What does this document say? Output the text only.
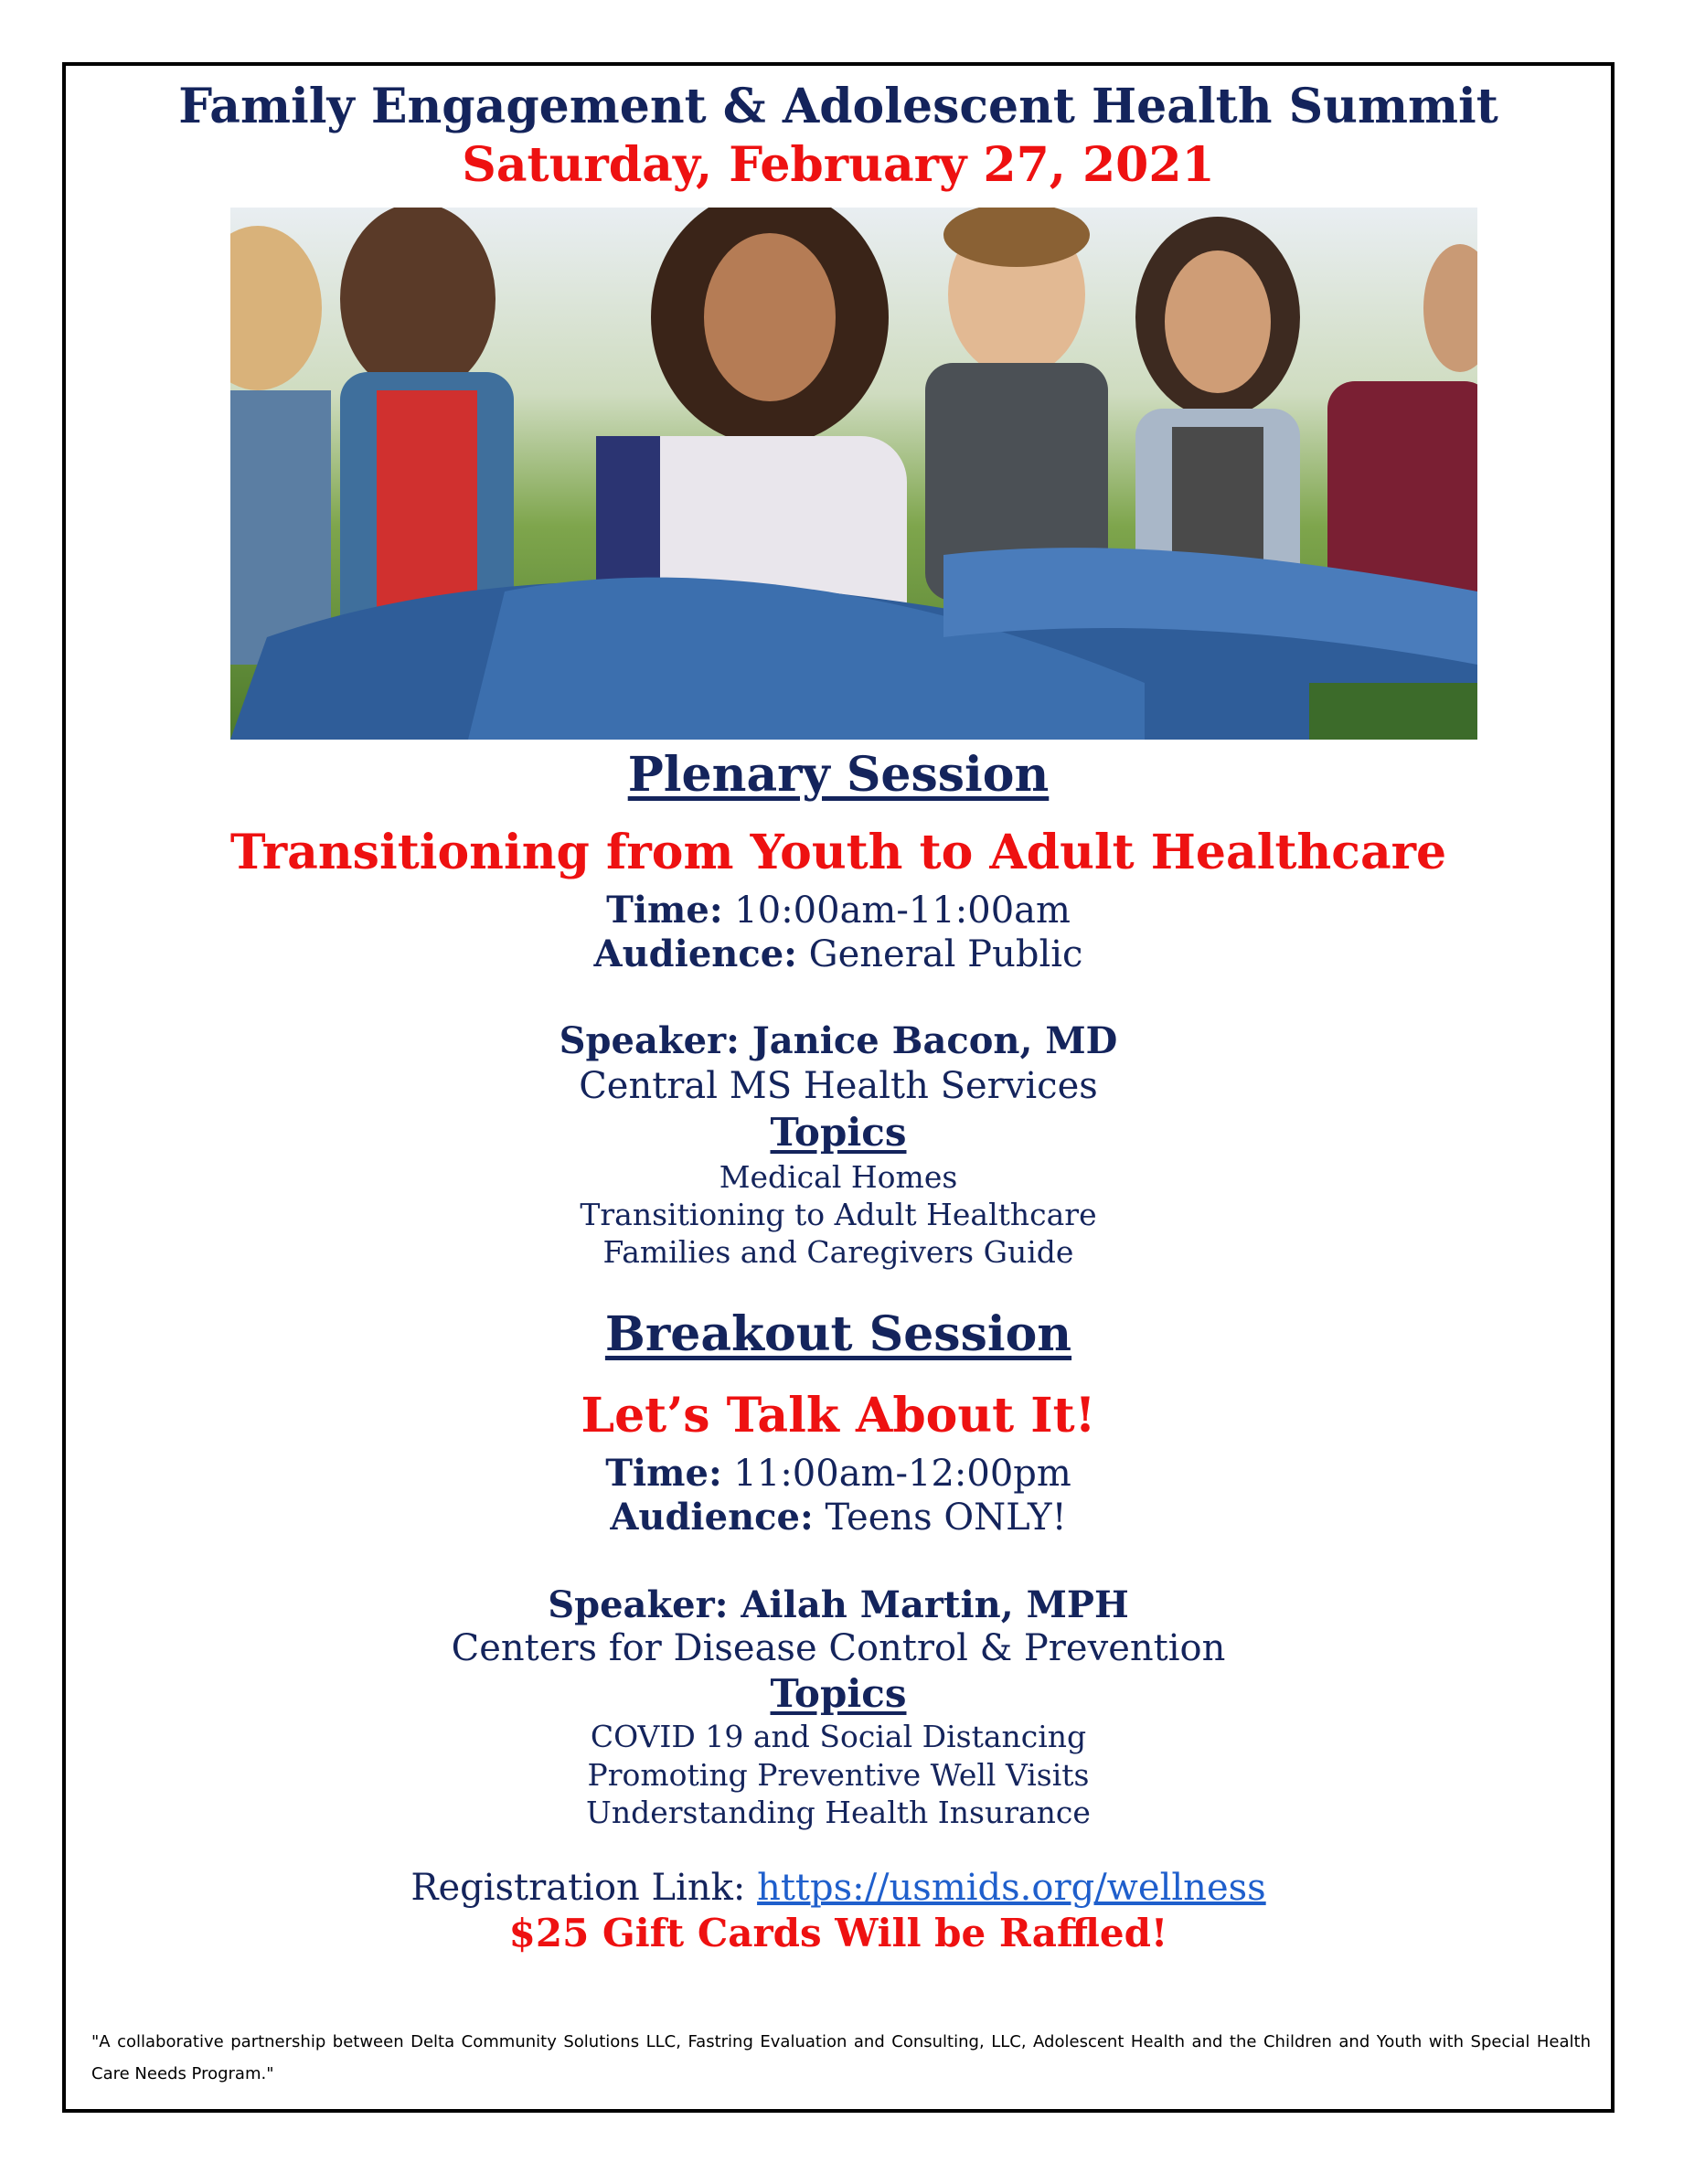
Family Engagement & Adolescent Health Summit
Saturday, February 27, 2021
Plenary Session
Transitioning from Youth to Adult Healthcare
Time: 10:00am-11:00am
Audience: General Public
Speaker: Janice Bacon, MD
Central MS Health Services
Topics
Medical Homes
Transitioning to Adult Healthcare
Families and Caregivers Guide
Breakout Session
Let’s Talk About It!
Time: 11:00am-12:00pm
Audience: Teens ONLY!
Speaker: Ailah Martin, MPH
Centers for Disease Control & Prevention
Topics
COVID 19 and Social Distancing
Promoting Preventive Well Visits
Understanding Health Insurance
Registration Link: https://usmids.org/wellness
$25 Gift Cards Will be Raffled!
"A collaborative partnership between Delta Community Solutions LLC, Fastring Evaluation and Consulting, LLC, Adolescent Health and the Children and Youth with Special Health Care Needs Program."
